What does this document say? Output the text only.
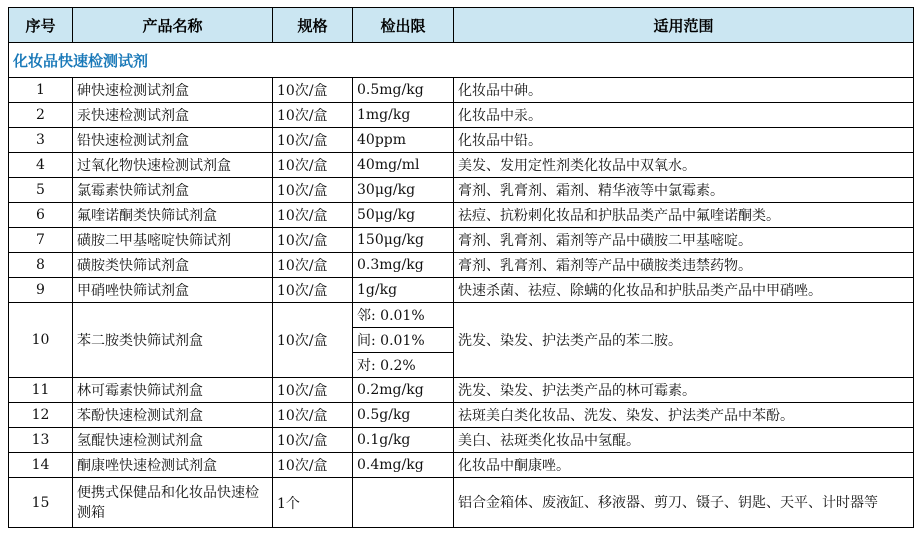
序号	产品名称	规格	检出限	适用范围
化妆品快速检测试剂				
1	砷快速检测试剂盒	10次/盒	0.5mg/kg	化妆品中砷。
2	汞快速检测试剂盒	10次/盒	1mg/kg	化妆品中汞。
3	铅快速检测试剂盒	10次/盒	40ppm	化妆品中铅。
4	过氧化物快速检测试剂盒	10次/盒	40mg/ml	美发、发用定性剂类化妆品中双氧水。
5	氯霉素快筛试剂盒	10次/盒	30μg/kg	膏剂、乳膏剂、霜剂、精华液等中氯霉素。
6	氟喹诺酮类快筛试剂盒	10次/盒	50μg/kg	祛痘、抗粉刺化妆品和护肤品类产品中氟喹诺酮类。
7	磺胺二甲基嘧啶快筛试剂	10次/盒	150μg/kg	膏剂、乳膏剂、霜剂等产品中磺胺二甲基嘧啶。
8	磺胺类快筛试剂盒	10次/盒	0.3mg/kg	膏剂、乳膏剂、霜剂等产品中磺胺类违禁药物。
9	甲硝唑快筛试剂盒	10次/盒	1g/kg	快速杀菌、祛痘、除螨的化妆品和护肤品类产品中甲硝唑。
10	苯二胺类快筛试剂盒	10次/盒	邻: 0.01%	洗发、染发、护法类产品的苯二胺。
			间: 0.01%	
			对: 0.2%	
11	林可霉素快筛试剂盒	10次/盒	0.2mg/kg	洗发、染发、护法类产品的林可霉素。
12	苯酚快速检测试剂盒	10次/盒	0.5g/kg	祛斑美白类化妆品、洗发、染发、护法类产品中苯酚。
13	氢醌快速检测试剂盒	10次/盒	0.1g/kg	美白、祛斑类化妆品中氢醌。
14	酮康唑快速检测试剂盒	10次/盒	0.4mg/kg	化妆品中酮康唑。
15	便携式保健品和化妆品快速检测箱	1个		铝合金箱体、废液缸、移液器、剪刀、镊子、钥匙、天平、计时器等
